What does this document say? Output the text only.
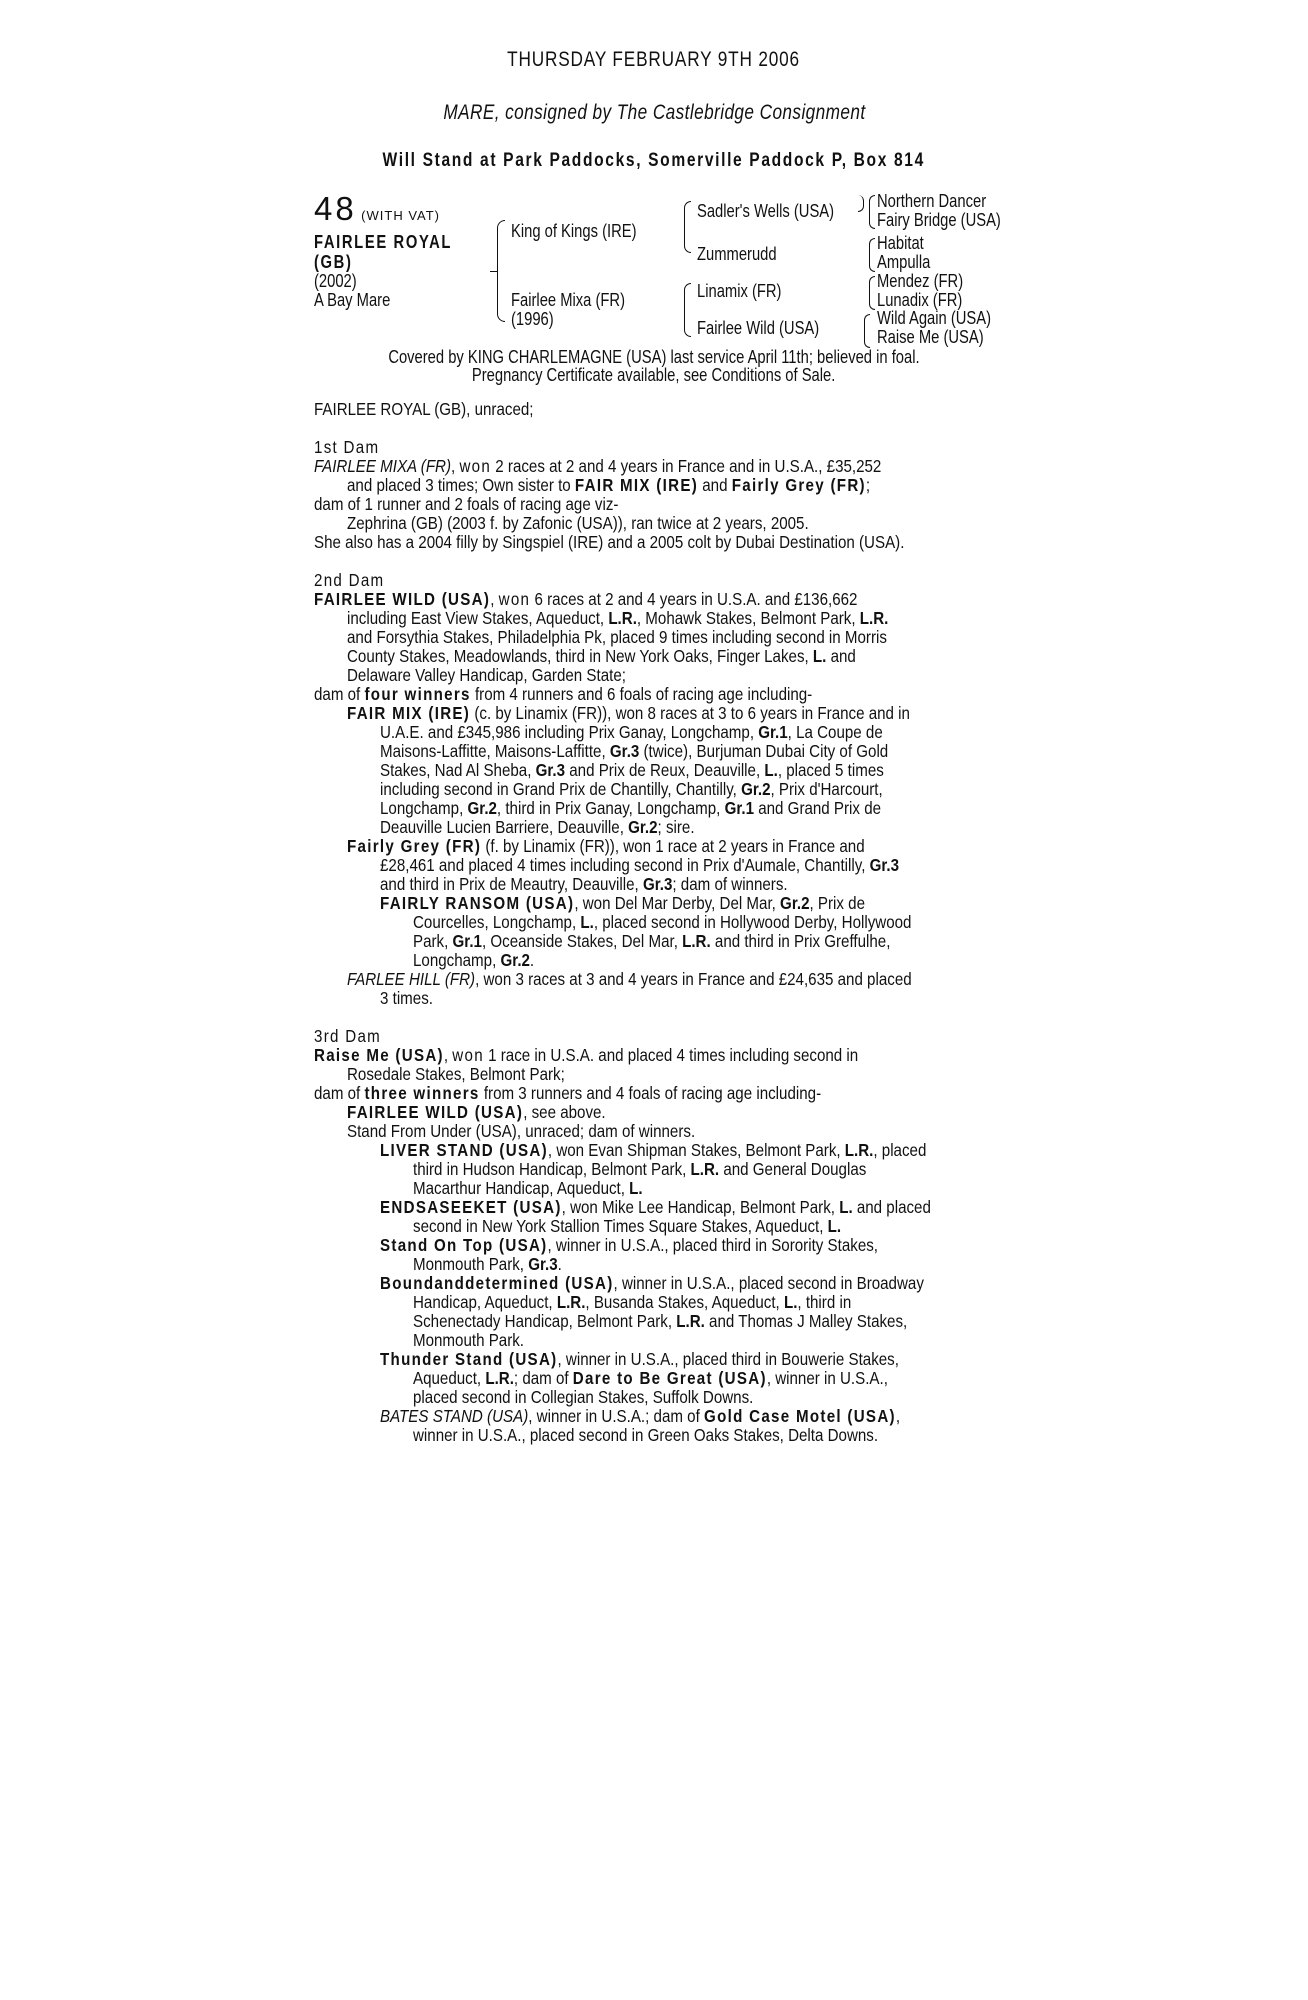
THURSDAY FEBRUARY 9TH 2006
MARE, consigned by The Castlebridge Consignment
Will Stand at Park Paddocks, Somerville Paddock P, Box 814
48 (WITH VAT)
FAIRLEE ROYAL
(GB)
(2002)
A Bay Mare
King of Kings (IRE)
Fairlee Mixa (FR)
(1996)
Sadler's Wells (USA)
Zummerudd
Linamix (FR)
Fairlee Wild (USA)
Northern Dancer
Fairy Bridge (USA)
Habitat
Ampulla
Mendez (FR)
Lunadix (FR)
Wild Again (USA)
Raise Me (USA)
Covered by KING CHARLEMAGNE (USA) last service April 11th; believed in foal.
Pregnancy Certificate available, see Conditions of Sale.
FAIRLEE ROYAL (GB), unraced;
1st Dam
FAIRLEE MIXA (FR), won 2 races at 2 and 4 years in France and in U.S.A., £35,252
and placed 3 times; Own sister to FAIR MIX (IRE) and Fairly Grey (FR);
dam of 1 runner and 2 foals of racing age viz-
Zephrina (GB) (2003 f. by Zafonic (USA)), ran twice at 2 years, 2005.
She also has a 2004 filly by Singspiel (IRE) and a 2005 colt by Dubai Destination (USA).
2nd Dam
FAIRLEE WILD (USA), won 6 races at 2 and 4 years in U.S.A. and £136,662
including East View Stakes, Aqueduct, L.R., Mohawk Stakes, Belmont Park, L.R.
and Forsythia Stakes, Philadelphia Pk, placed 9 times including second in Morris
County Stakes, Meadowlands, third in New York Oaks, Finger Lakes, L. and
Delaware Valley Handicap, Garden State;
dam of four winners from 4 runners and 6 foals of racing age including-
FAIR MIX (IRE) (c. by Linamix (FR)), won 8 races at 3 to 6 years in France and in
U.A.E. and £345,986 including Prix Ganay, Longchamp, Gr.1, La Coupe de
Maisons-Laffitte, Maisons-Laffitte, Gr.3 (twice), Burjuman Dubai City of Gold
Stakes, Nad Al Sheba, Gr.3 and Prix de Reux, Deauville, L., placed 5 times
including second in Grand Prix de Chantilly, Chantilly, Gr.2, Prix d'Harcourt,
Longchamp, Gr.2, third in Prix Ganay, Longchamp, Gr.1 and Grand Prix de
Deauville Lucien Barriere, Deauville, Gr.2; sire.
Fairly Grey (FR) (f. by Linamix (FR)), won 1 race at 2 years in France and
£28,461 and placed 4 times including second in Prix d'Aumale, Chantilly, Gr.3
and third in Prix de Meautry, Deauville, Gr.3; dam of winners.
FAIRLY RANSOM (USA), won Del Mar Derby, Del Mar, Gr.2, Prix de
Courcelles, Longchamp, L., placed second in Hollywood Derby, Hollywood
Park, Gr.1, Oceanside Stakes, Del Mar, L.R. and third in Prix Greffulhe,
Longchamp, Gr.2.
FARLEE HILL (FR), won 3 races at 3 and 4 years in France and £24,635 and placed
3 times.
3rd Dam
Raise Me (USA), won 1 race in U.S.A. and placed 4 times including second in
Rosedale Stakes, Belmont Park;
dam of three winners from 3 runners and 4 foals of racing age including-
FAIRLEE WILD (USA), see above.
Stand From Under (USA), unraced; dam of winners.
LIVER STAND (USA), won Evan Shipman Stakes, Belmont Park, L.R., placed
third in Hudson Handicap, Belmont Park, L.R. and General Douglas
Macarthur Handicap, Aqueduct, L.
ENDSASEEKET (USA), won Mike Lee Handicap, Belmont Park, L. and placed
second in New York Stallion Times Square Stakes, Aqueduct, L.
Stand On Top (USA), winner in U.S.A., placed third in Sorority Stakes,
Monmouth Park, Gr.3.
Boundanddetermined (USA), winner in U.S.A., placed second in Broadway
Handicap, Aqueduct, L.R., Busanda Stakes, Aqueduct, L., third in
Schenectady Handicap, Belmont Park, L.R. and Thomas J Malley Stakes,
Monmouth Park.
Thunder Stand (USA), winner in U.S.A., placed third in Bouwerie Stakes,
Aqueduct, L.R.; dam of Dare to Be Great (USA), winner in U.S.A.,
placed second in Collegian Stakes, Suffolk Downs.
BATES STAND (USA), winner in U.S.A.; dam of Gold Case Motel (USA),
winner in U.S.A., placed second in Green Oaks Stakes, Delta Downs.
